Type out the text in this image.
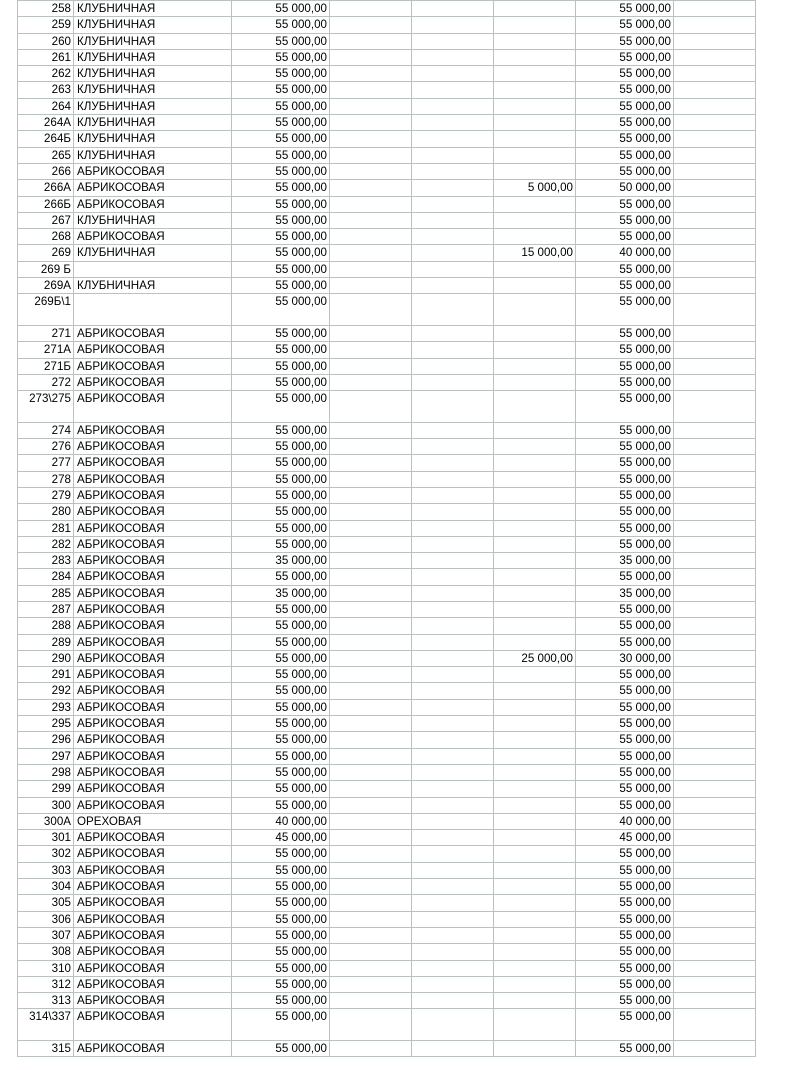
258	КЛУБНИЧНАЯ	55 000,00				55 000,00	
259	КЛУБНИЧНАЯ	55 000,00				55 000,00	
260	КЛУБНИЧНАЯ	55 000,00				55 000,00	
261	КЛУБНИЧНАЯ	55 000,00				55 000,00	
262	КЛУБНИЧНАЯ	55 000,00				55 000,00	
263	КЛУБНИЧНАЯ	55 000,00				55 000,00	
264	КЛУБНИЧНАЯ	55 000,00				55 000,00	
264А	КЛУБНИЧНАЯ	55 000,00				55 000,00	
264Б	КЛУБНИЧНАЯ	55 000,00				55 000,00	
265	КЛУБНИЧНАЯ	55 000,00				55 000,00	
266	АБРИКОСОВАЯ	55 000,00				55 000,00	
266А	АБРИКОСОВАЯ	55 000,00			5 000,00	50 000,00	
266Б	АБРИКОСОВАЯ	55 000,00				55 000,00	
267	КЛУБНИЧНАЯ	55 000,00				55 000,00	
268	АБРИКОСОВАЯ	55 000,00				55 000,00	
269	КЛУБНИЧНАЯ	55 000,00			15 000,00	40 000,00	
269 Б		55 000,00				55 000,00	
269А	КЛУБНИЧНАЯ	55 000,00				55 000,00	
269Б\1		55 000,00				55 000,00	
271	АБРИКОСОВАЯ	55 000,00				55 000,00	
271А	АБРИКОСОВАЯ	55 000,00				55 000,00	
271Б	АБРИКОСОВАЯ	55 000,00				55 000,00	
272	АБРИКОСОВАЯ	55 000,00				55 000,00	
273\275	АБРИКОСОВАЯ	55 000,00				55 000,00	
274	АБРИКОСОВАЯ	55 000,00				55 000,00	
276	АБРИКОСОВАЯ	55 000,00				55 000,00	
277	АБРИКОСОВАЯ	55 000,00				55 000,00	
278	АБРИКОСОВАЯ	55 000,00				55 000,00	
279	АБРИКОСОВАЯ	55 000,00				55 000,00	
280	АБРИКОСОВАЯ	55 000,00				55 000,00	
281	АБРИКОСОВАЯ	55 000,00				55 000,00	
282	АБРИКОСОВАЯ	55 000,00				55 000,00	
283	АБРИКОСОВАЯ	35 000,00				35 000,00	
284	АБРИКОСОВАЯ	55 000,00				55 000,00	
285	АБРИКОСОВАЯ	35 000,00				35 000,00	
287	АБРИКОСОВАЯ	55 000,00				55 000,00	
288	АБРИКОСОВАЯ	55 000,00				55 000,00	
289	АБРИКОСОВАЯ	55 000,00				55 000,00	
290	АБРИКОСОВАЯ	55 000,00			25 000,00	30 000,00	
291	АБРИКОСОВАЯ	55 000,00				55 000,00	
292	АБРИКОСОВАЯ	55 000,00				55 000,00	
293	АБРИКОСОВАЯ	55 000,00				55 000,00	
295	АБРИКОСОВАЯ	55 000,00				55 000,00	
296	АБРИКОСОВАЯ	55 000,00				55 000,00	
297	АБРИКОСОВАЯ	55 000,00				55 000,00	
298	АБРИКОСОВАЯ	55 000,00				55 000,00	
299	АБРИКОСОВАЯ	55 000,00				55 000,00	
300	АБРИКОСОВАЯ	55 000,00				55 000,00	
300А	ОРЕХОВАЯ	40 000,00				40 000,00	
301	АБРИКОСОВАЯ	45 000,00				45 000,00	
302	АБРИКОСОВАЯ	55 000,00				55 000,00	
303	АБРИКОСОВАЯ	55 000,00				55 000,00	
304	АБРИКОСОВАЯ	55 000,00				55 000,00	
305	АБРИКОСОВАЯ	55 000,00				55 000,00	
306	АБРИКОСОВАЯ	55 000,00				55 000,00	
307	АБРИКОСОВАЯ	55 000,00				55 000,00	
308	АБРИКОСОВАЯ	55 000,00				55 000,00	
310	АБРИКОСОВАЯ	55 000,00				55 000,00	
312	АБРИКОСОВАЯ	55 000,00				55 000,00	
313	АБРИКОСОВАЯ	55 000,00				55 000,00	
314\337	АБРИКОСОВАЯ	55 000,00				55 000,00	
315	АБРИКОСОВАЯ	55 000,00				55 000,00	
